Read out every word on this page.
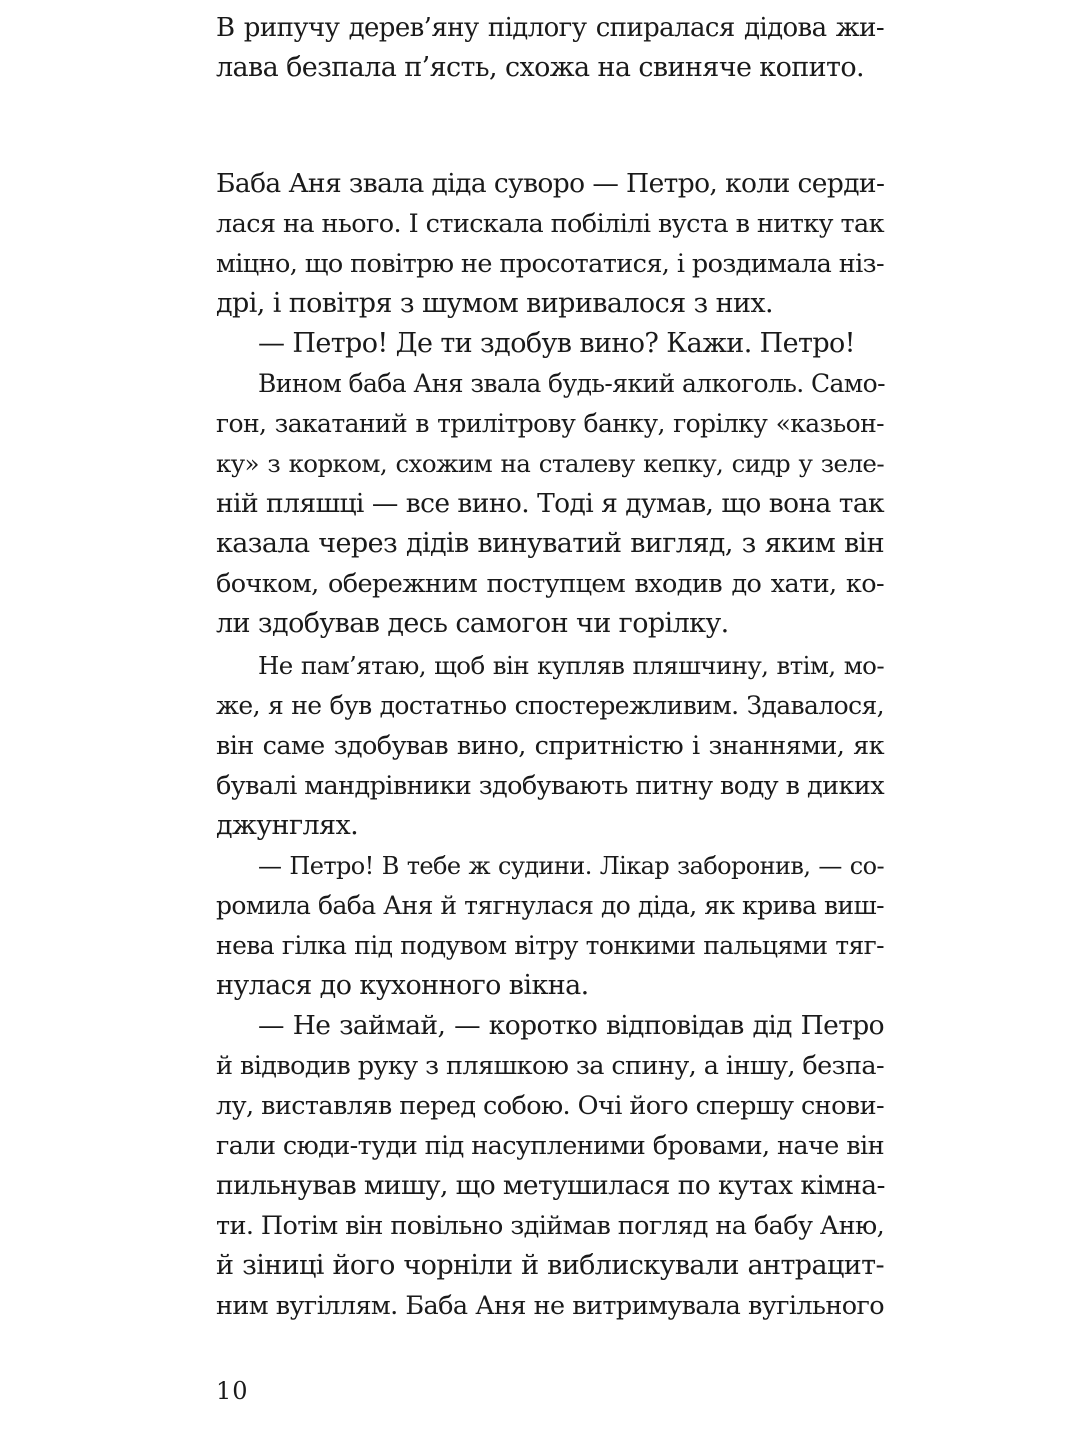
В рипучу дерев’яну підлогу спиралася дідова жи-
лава безпала п’ясть, схожа на свиняче копито.
Баба Аня звала діда суворо — Петро, коли серди-
лася на нього. І стискала побілілі вуста в нитку так
міцно, що повітрю не просотатися, і роздимала ніз-
дрі, і повітря з шумом виривалося з них.
— Петро! Де ти здобув вино? Кажи. Петро!
Вином баба Аня звала будь-який алкоголь. Само-
гон, закатаний в трилітрову банку, горілку «казьон-
ку» з корком, схожим на сталеву кепку, сидр у зеле-
ній пляшці — все вино. Тоді я думав, що вона так
казала через дідів винуватий вигляд, з яким він
бочком, обережним поступцем входив до хати, ко-
ли здобував десь самогон чи горілку.
Не пам’ятаю, щоб він купляв пляшчину, втім, мо-
же, я не був достатньо спостережливим. Здавалося,
він саме здобував вино, спритністю і знаннями, як
бувалі мандрівники здобувають питну воду в диких
джунглях.
— Петро! В тебе ж судини. Лікар заборонив, — со-
ромила баба Аня й тягнулася до діда, як крива виш-
нева гілка під подувом вітру тонкими пальцями тяг-
нулася до кухонного вікна.
— Не займай, — коротко відповідав дід Петро
й відводив руку з пляшкою за спину, а іншу, безпа-
лу, виставляв перед собою. Очі його спершу снови-
гали сюди-туди під насупленими бровами, наче він
пильнував мишу, що метушилася по кутах кімна-
ти. Потім він повільно здіймав погляд на бабу Аню,
й зіниці його чорніли й виблискували антрацит-
ним вугіллям. Баба Аня не витримувала вугільного
10
